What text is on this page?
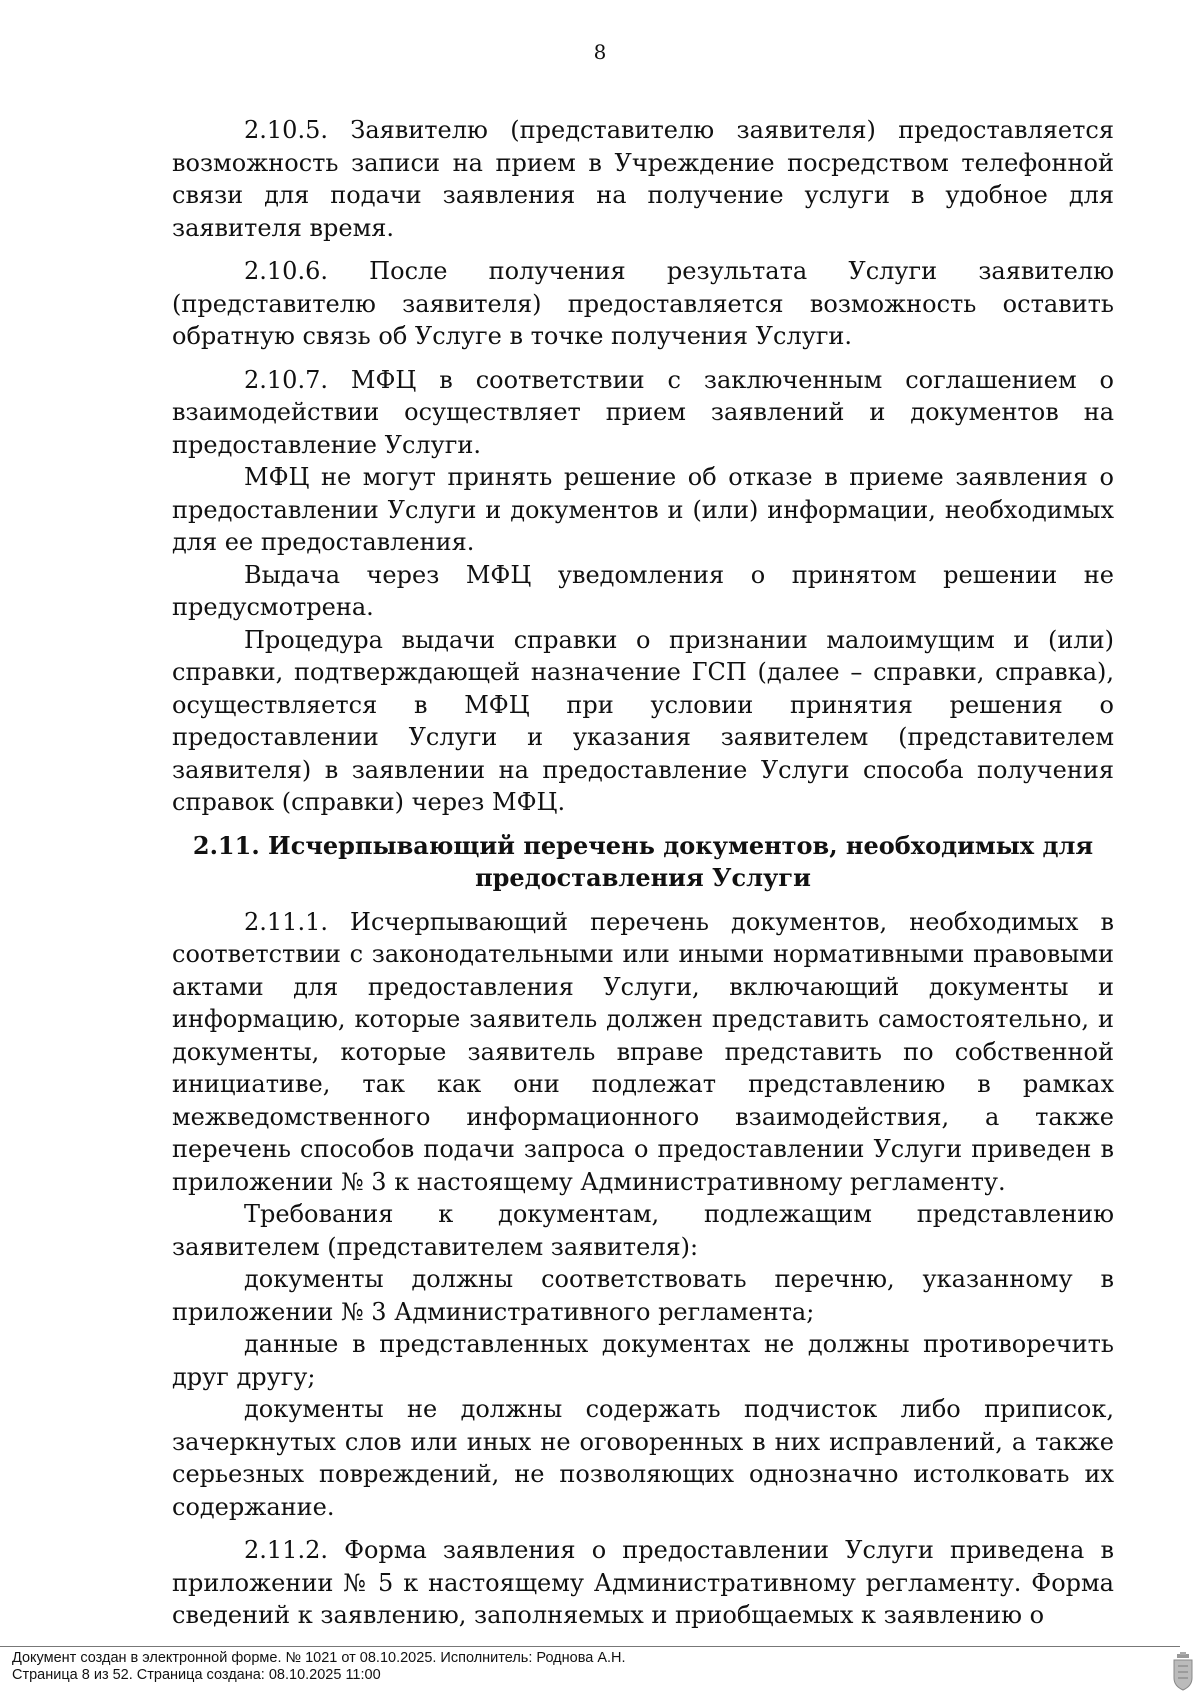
8

2.10.5. Заявителю (представителю заявителя) предоставляется возможность записи на прием в Учреждение посредством телефонной связи для подачи заявления на получение услуги в удобное для заявителя время.

2.10.6. После получения результата Услуги заявителю (представителю заявителя) предоставляется возможность оставить обратную связь об Услуге в точке получения Услуги.

2.10.7. МФЦ в соответствии с заключенным соглашением о взаимодействии осуществляет прием заявлений и документов на предоставление Услуги.

МФЦ не могут принять решение об отказе в приеме заявления о предоставлении Услуги и документов и (или) информации, необходимых для ее предоставления.

Выдача через МФЦ уведомления о принятом решении не предусмотрена.

Процедура выдачи справки о признании малоимущим и (или) справки, подтверждающей назначение ГСП (далее – справки, справка), осуществляется в МФЦ при условии принятия решения о предоставлении Услуги и указания заявителем (представителем заявителя) в заявлении на предоставление Услуги способа получения справок (справки) через МФЦ.

2.11. Исчерпывающий перечень документов, необходимых для
предоставления Услуги

2.11.1. Исчерпывающий перечень документов, необходимых в соответствии с законодательными или иными нормативными правовыми актами для предоставления Услуги, включающий документы и информацию, которые заявитель должен представить самостоятельно, и документы, которые заявитель вправе представить по собственной инициативе, так как они подлежат представлению в рамках межведомственного информационного взаимодействия, а также перечень способов подачи запроса о предоставлении Услуги приведен в приложении № 3 к настоящему Административному регламенту.

Требования к документам, подлежащим представлению заявителем (представителем заявителя):

документы должны соответствовать перечню, указанному в приложении № 3 Административного регламента;

данные в представленных документах не должны противоречить друг другу;

документы не должны содержать подчисток либо приписок, зачеркнутых слов или иных не оговоренных в них исправлений, а также серьезных повреждений, не позволяющих однозначно истолковать их содержание.

2.11.2. Форма заявления о предоставлении Услуги приведена в приложении № 5 к настоящему Административному регламенту. Форма сведений к заявлению, заполняемых и приобщаемых к заявлению о

Документ создан в электронной форме. № 1021 от 08.10.2025. Исполнитель: Роднова А.Н.
Страница 8 из 52. Страница создана: 08.10.2025 11:00
